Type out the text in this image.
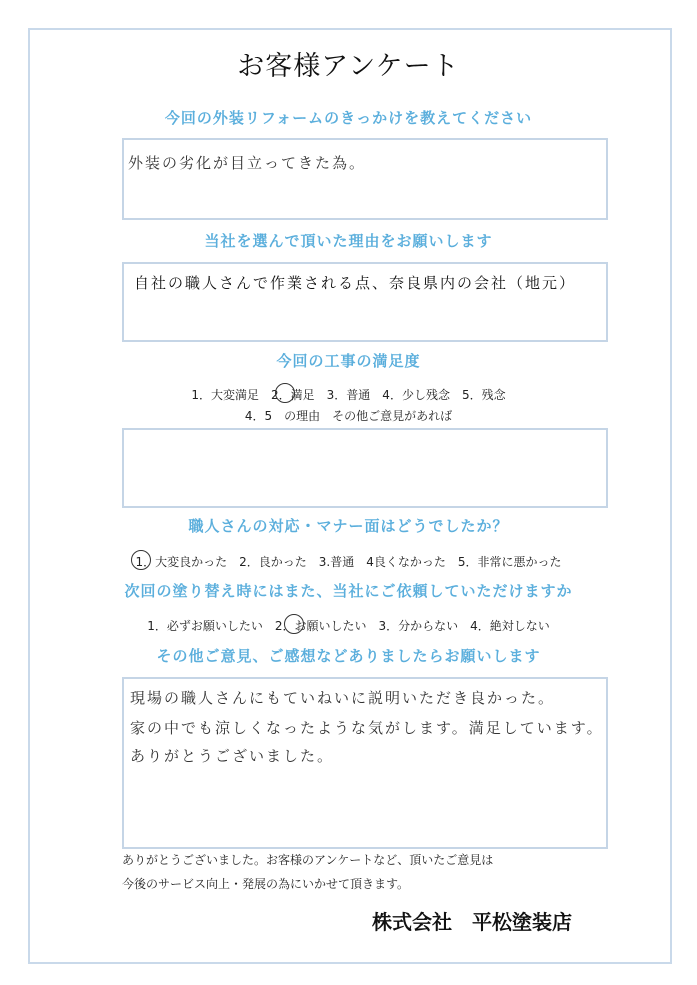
お客様アンケート
今回の外装リフォームのきっかけを教えてください
外装の劣化が目立ってきた為。
当社を選んで頂いた理由をお願いします
自社の職人さんで作業される点、奈良県内の会社（地元）
今回の工事の満足度
1．大変満足　2．満足　3．普通　4．少し残念　5．残念
4．5　の理由　その他ご意見があれば
職人さんの対応・マナー面はどうでしたか？
1．大変良かった　2．良かった　3.普通　4良くなかった　5．非常に悪かった
次回の塗り替え時にはまた、当社にご依頼していただけますか
1．必ずお願いしたい　2．お願いしたい　3．分からない　4．絶対しない
その他ご意見、ご感想などありましたらお願いします
現場の職人さんにもていねいに説明いただき良かった。
家の中でも涼しくなったような気がします。満足しています。
ありがとうございました。
ありがとうございました。お客様のアンケートなど、頂いたご意見は
今後のサービス向上・発展の為にいかせて頂きます。
株式会社　平松塗装店
